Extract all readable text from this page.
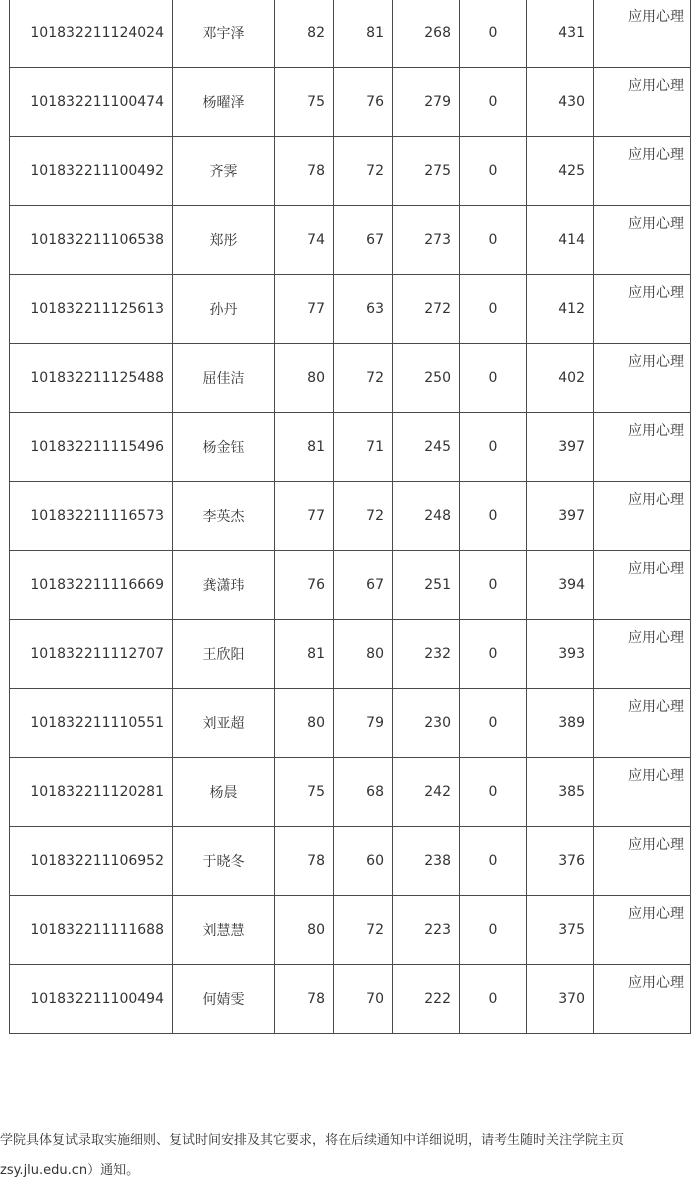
101832211124024	邓宇泽	82	81	268	0	431	应用心理

101832211100474	杨曜泽	75	76	279	0	430	应用心理

101832211100492	齐霁	78	72	275	0	425	应用心理

101832211106538	郑彤	74	67	273	0	414	应用心理

101832211125613	孙丹	77	63	272	0	412	应用心理

101832211125488	屈佳洁	80	72	250	0	402	应用心理

101832211115496	杨金钰	81	71	245	0	397	应用心理

101832211116573	李英杰	77	72	248	0	397	应用心理

101832211116669	龚潇玮	76	67	251	0	394	应用心理

101832211112707	王欣阳	81	80	232	0	393	应用心理

101832211110551	刘亚超	80	79	230	0	389	应用心理

101832211120281	杨晨	75	68	242	0	385	应用心理

101832211106952	于晓冬	78	60	238	0	376	应用心理

101832211111688	刘慧慧	80	72	223	0	375	应用心理

101832211100494	何婧雯	78	70	222	0	370	应用心理
学院具体复试录取实施细则、复试时间安排及其它要求，将在后续通知中详细说明，请考生随时关注学院主页
zsy.jlu.edu.cn）通知。
